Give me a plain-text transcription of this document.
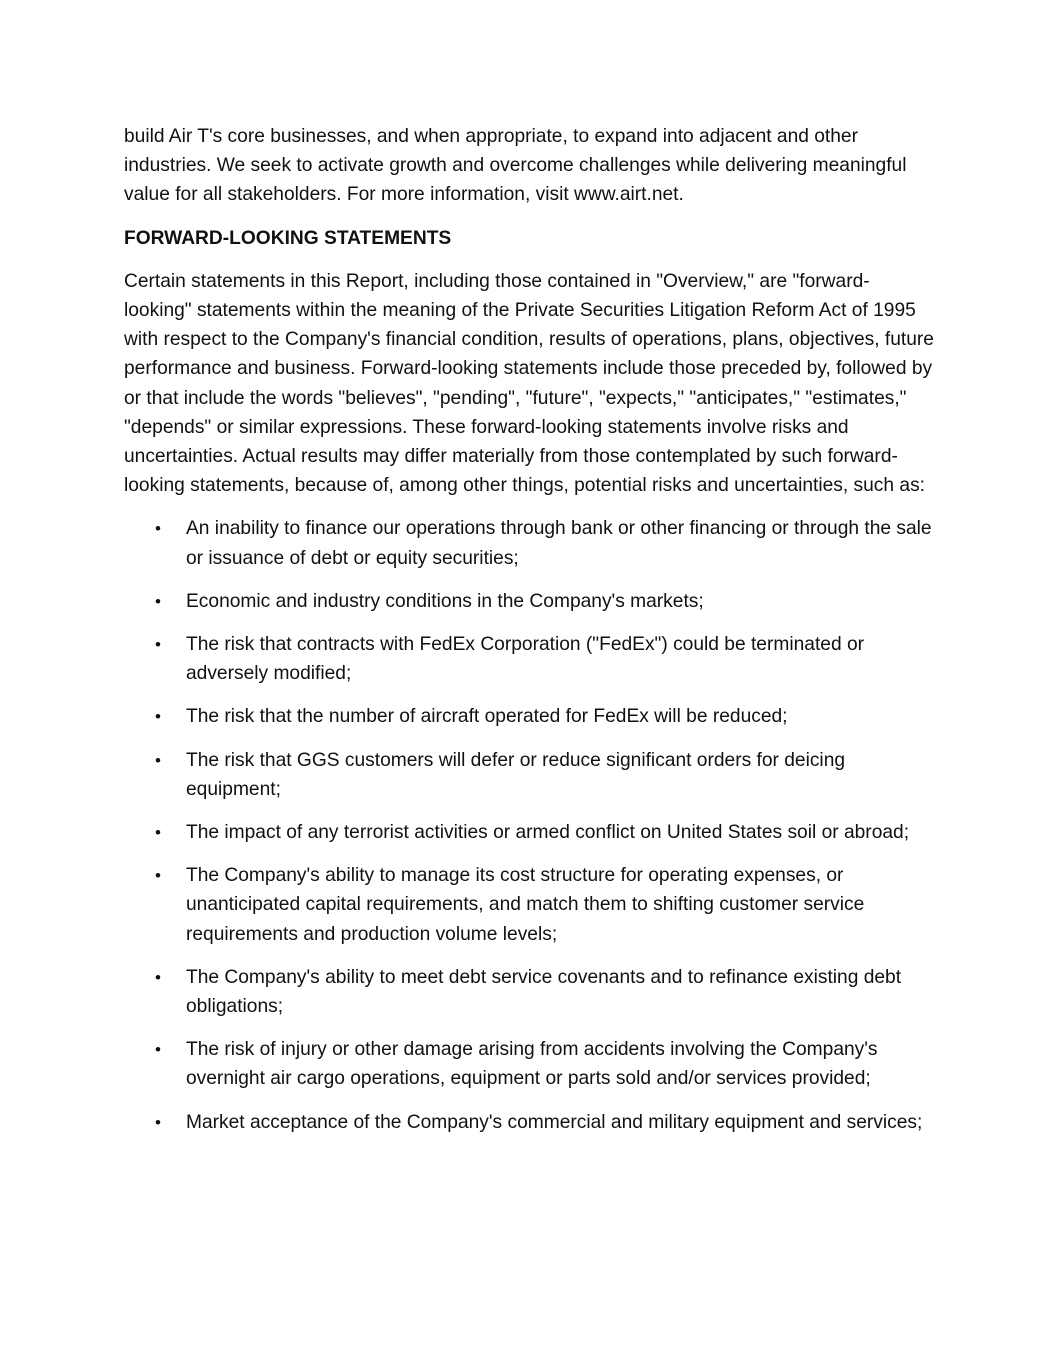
build Air T's core businesses, and when appropriate, to expand into adjacent and other industries. We seek to activate growth and overcome challenges while delivering meaningful value for all stakeholders. For more information, visit www.airt.net.

FORWARD-LOOKING STATEMENTS

Certain statements in this Report, including those contained in "Overview," are "forward-looking" statements within the meaning of the Private Securities Litigation Reform Act of 1995 with respect to the Company's financial condition, results of operations, plans, objectives, future performance and business. Forward-looking statements include those preceded by, followed by or that include the words "believes", "pending", "future", "expects," "anticipates," "estimates," "depends" or similar expressions. These forward-looking statements involve risks and uncertainties. Actual results may differ materially from those contemplated by such forward-looking statements, because of, among other things, potential risks and uncertainties, such as:

• An inability to finance our operations through bank or other financing or through the sale or issuance of debt or equity securities;
• Economic and industry conditions in the Company's markets;
• The risk that contracts with FedEx Corporation ("FedEx") could be terminated or adversely modified;
• The risk that the number of aircraft operated for FedEx will be reduced;
• The risk that GGS customers will defer or reduce significant orders for deicing equipment;
• The impact of any terrorist activities or armed conflict on United States soil or abroad;
• The Company's ability to manage its cost structure for operating expenses, or unanticipated capital requirements, and match them to shifting customer service requirements and production volume levels;
• The Company's ability to meet debt service covenants and to refinance existing debt obligations;
• The risk of injury or other damage arising from accidents involving the Company's overnight air cargo operations, equipment or parts sold and/or services provided;
• Market acceptance of the Company's commercial and military equipment and services;
